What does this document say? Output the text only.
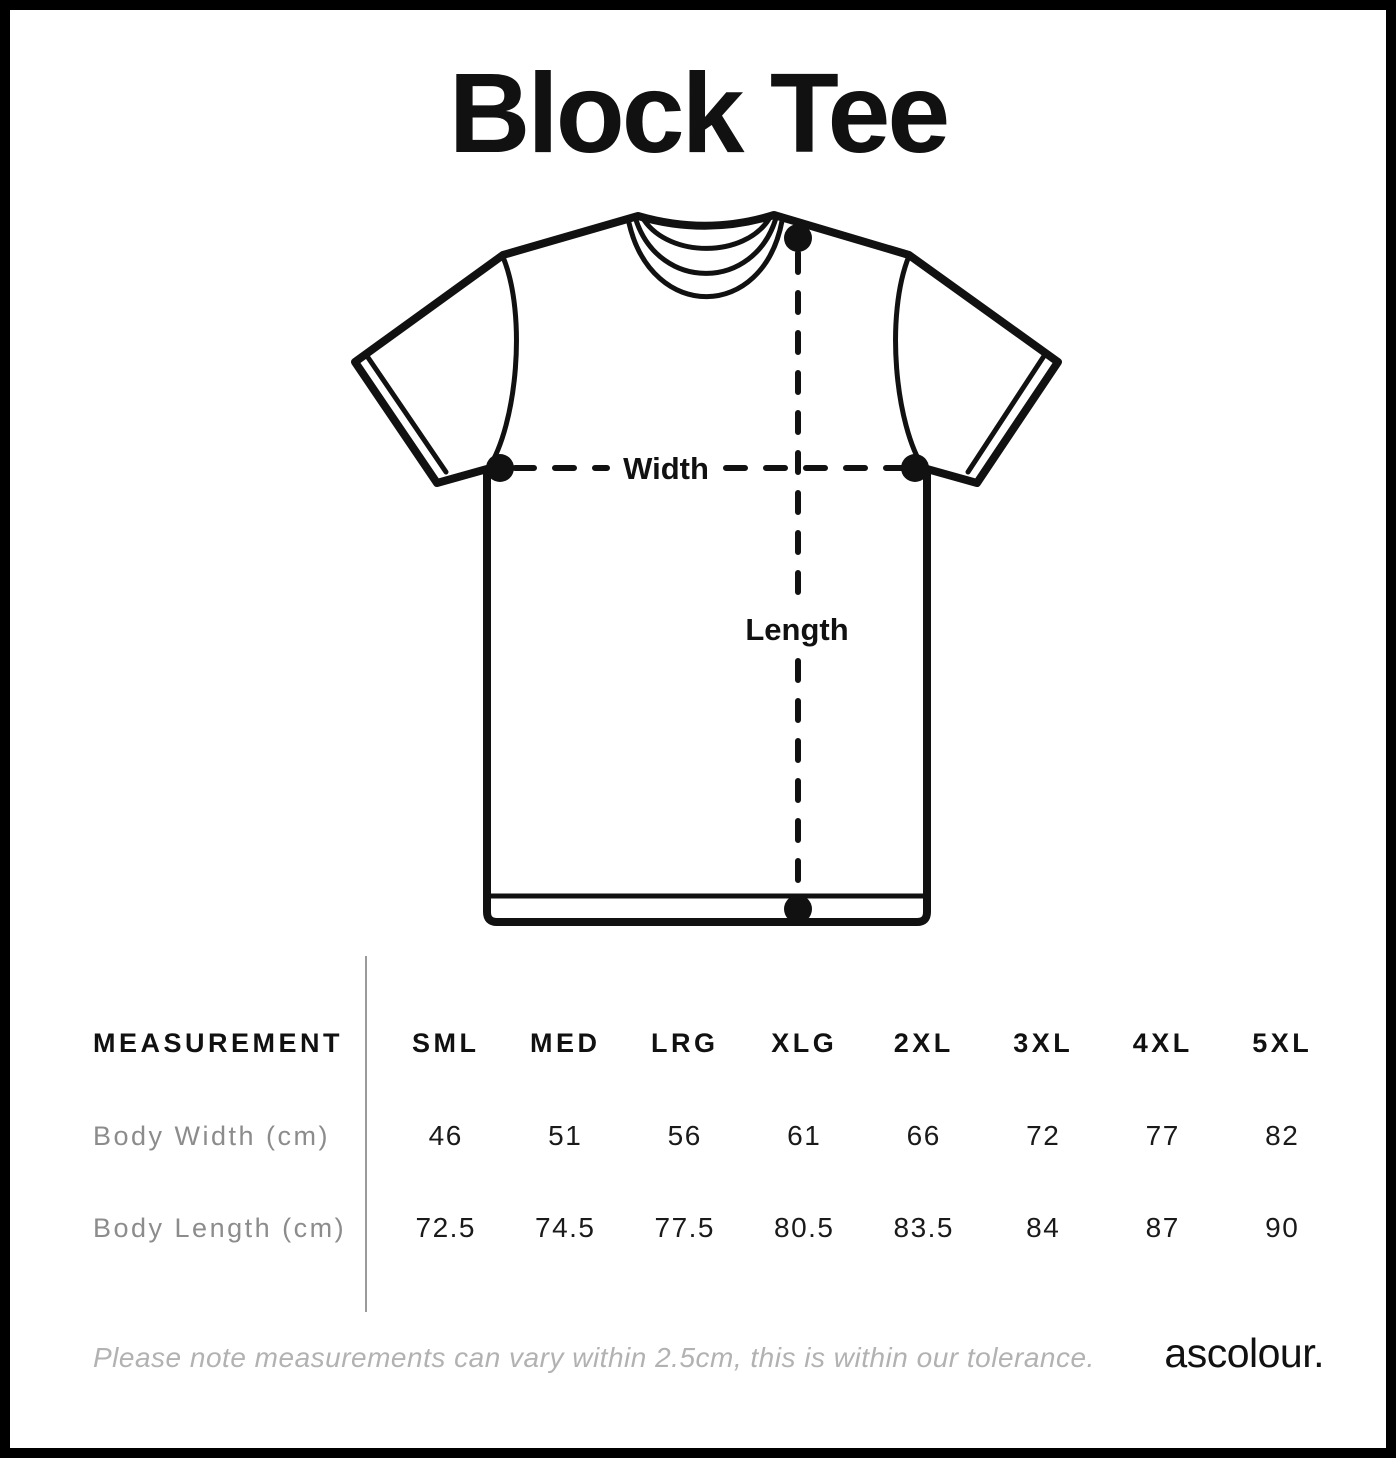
Block Tee
Width
Length
MEASUREMENT	SML	MED	LRG	XLG	2XL	3XL	4XL	5XL
Body Width (cm)	46	51	56	61	66	72	77	82
Body Length (cm)	72.5	74.5	77.5	80.5	83.5	84	87	90
Please note measurements can vary within 2.5cm, this is within our tolerance. ascolour.
